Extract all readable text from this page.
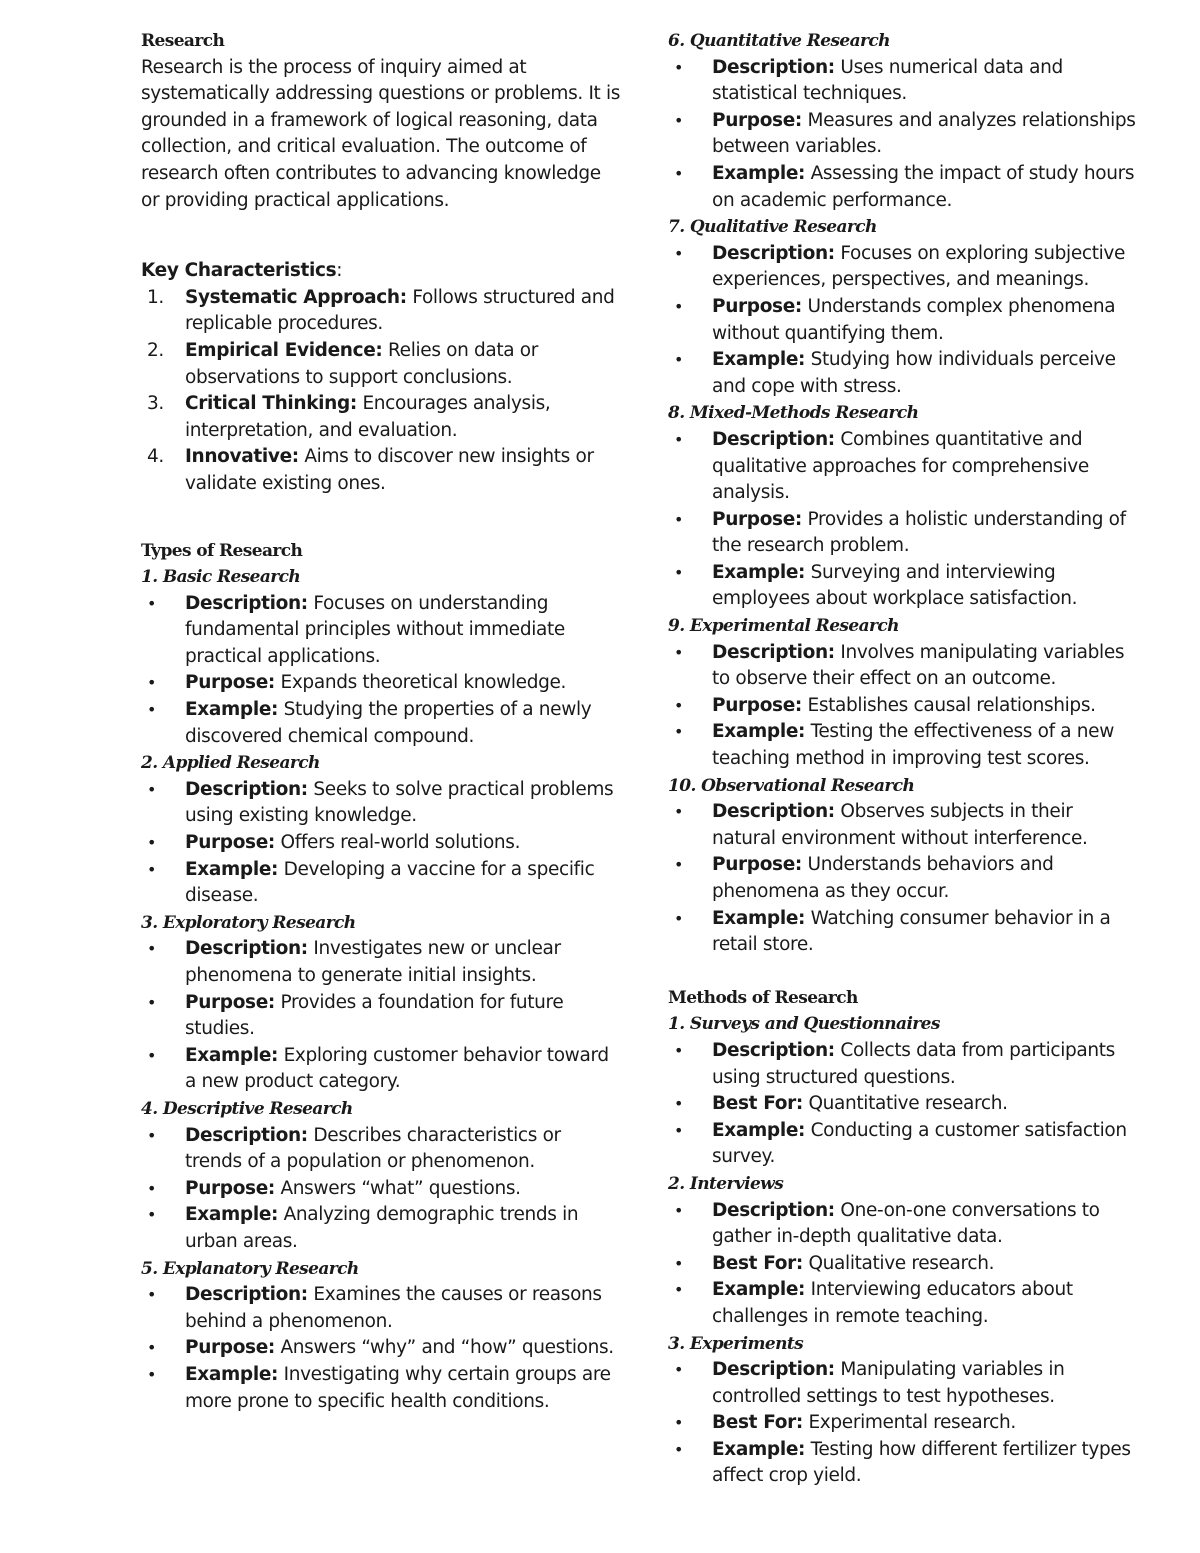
Research

Research is the process of inquiry aimed at systematically addressing questions or problems. It is grounded in a framework of logical reasoning, data collection, and critical evaluation. The outcome of research often contributes to advancing knowledge or providing practical applications.

Key Characteristics:
1.	Systematic Approach: Follows structured and replicable procedures.
2.	Empirical Evidence: Relies on data or observations to support conclusions.
3.	Critical Thinking: Encourages analysis, interpretation, and evaluation.
4.	Innovative: Aims to discover new insights or validate existing ones.
Types of Research
1. Basic Research
•	Description: Focuses on understanding fundamental principles without immediate practical applications.
•	Purpose: Expands theoretical knowledge.
•	Example: Studying the properties of a newly discovered chemical compound.
2. Applied Research
•	Description: Seeks to solve practical problems using existing knowledge.
•	Purpose: Offers real-world solutions.
•	Example: Developing a vaccine for a specific disease.
3. Exploratory Research
•	Description: Investigates new or unclear phenomena to generate initial insights.
•	Purpose: Provides a foundation for future studies.
•	Example: Exploring customer behavior toward a new product category.
4. Descriptive Research
•	Description: Describes characteristics or trends of a population or phenomenon.
•	Purpose: Answers “what” questions.
•	Example: Analyzing demographic trends in urban areas.
5. Explanatory Research
•	Description: Examines the causes or reasons behind a phenomenon.
•	Purpose: Answers “why” and “how” questions.
•	Example: Investigating why certain groups are more prone to specific health conditions.
6. Quantitative Research
•	Description: Uses numerical data and statistical techniques.
•	Purpose: Measures and analyzes relationships between variables.
•	Example: Assessing the impact of study hours on academic performance.
7. Qualitative Research
•	Description: Focuses on exploring subjective experiences, perspectives, and meanings.
•	Purpose: Understands complex phenomena without quantifying them.
•	Example: Studying how individuals perceive and cope with stress.
8. Mixed-Methods Research
•	Description: Combines quantitative and qualitative approaches for comprehensive analysis.
•	Purpose: Provides a holistic understanding of the research problem.
•	Example: Surveying and interviewing employees about workplace satisfaction.
9. Experimental Research
•	Description: Involves manipulating variables to observe their effect on an outcome.
•	Purpose: Establishes causal relationships.
•	Example: Testing the effectiveness of a new teaching method in improving test scores.
10. Observational Research
•	Description: Observes subjects in their natural environment without interference.
•	Purpose: Understands behaviors and phenomena as they occur.
•	Example: Watching consumer behavior in a retail store.
Methods of Research
1. Surveys and Questionnaires
•	Description: Collects data from participants using structured questions.
•	Best For: Quantitative research.
•	Example: Conducting a customer satisfaction survey.
2. Interviews
•	Description: One-on-one conversations to gather in-depth qualitative data.
•	Best For: Qualitative research.
•	Example: Interviewing educators about challenges in remote teaching.
3. Experiments
•	Description: Manipulating variables in controlled settings to test hypotheses.
•	Best For: Experimental research.
•	Example: Testing how different fertilizer types affect crop yield.
